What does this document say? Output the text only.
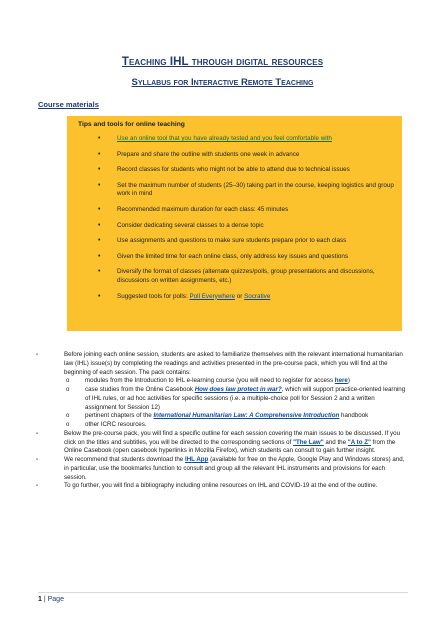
Teaching IHL through digital resources
Syllabus for Interactive Remote Teaching
Course materials
Tips and tools for online teaching
•	Use an online tool that you have already tested and you feel comfortable with
•	Prepare and share the outline with students one week in advance
•	Record classes for students who might not be able to attend due to technical issues
•	Set the maximum number of students (25–30) taking part in the course, keeping logistics and group work in mind
•	Recommended maximum duration for each class: 45 minutes
•	Consider dedicating several classes to a dense topic
•	Use assignments and questions to make sure students prepare prior to each class
•	Given the limited time for each online class, only address key issues and questions
•	Diversify the format of classes (alternate quizzes/polls, group presentations and discussions, discussions on written assignments, etc.)
•	Suggested tools for polls: Poll Everywhere or Socrative
-	Before joining each online session, students are asked to familiarize themselves with the relevant international humanitarian law (IHL) issue(s) by completing the readings and activities presented in the pre-course pack, which you will find at the beginning of each session. The pack contains:
o	modules from the Introduction to IHL e-learning course (you will need to register for access here)
o	case studies from the Online Casebook How does law protect in war?, which will support practice-oriented learning of IHL rules, or ad hoc activities for specific sessions (i.e. a multiple-choice poll for Session 2 and a written assignment for Session 12)
o	pertinent chapters of the International Humanitarian Law: A Comprehensive Introduction handbook
o	other ICRC resources.
-	Below the pre-course pack, you will find a specific outline for each session covering the main issues to be discussed. If you click on the titles and subtitles, you will be directed to the corresponding sections of "The Law" and the "A to Z" from the Online Casebook (open casebook hyperlinks in Mozilla Firefox), which students can consult to gain further insight.
-	We recommend that students download the IHL App (available for free on the Apple, Google Play and Windows stores) and, in particular, use the bookmarks function to consult and group all the relevant IHL instruments and provisions for each session.
-	To go further, you will find a bibliography including online resources on IHL and COVID-19 at the end of the outline.
1 | Page
